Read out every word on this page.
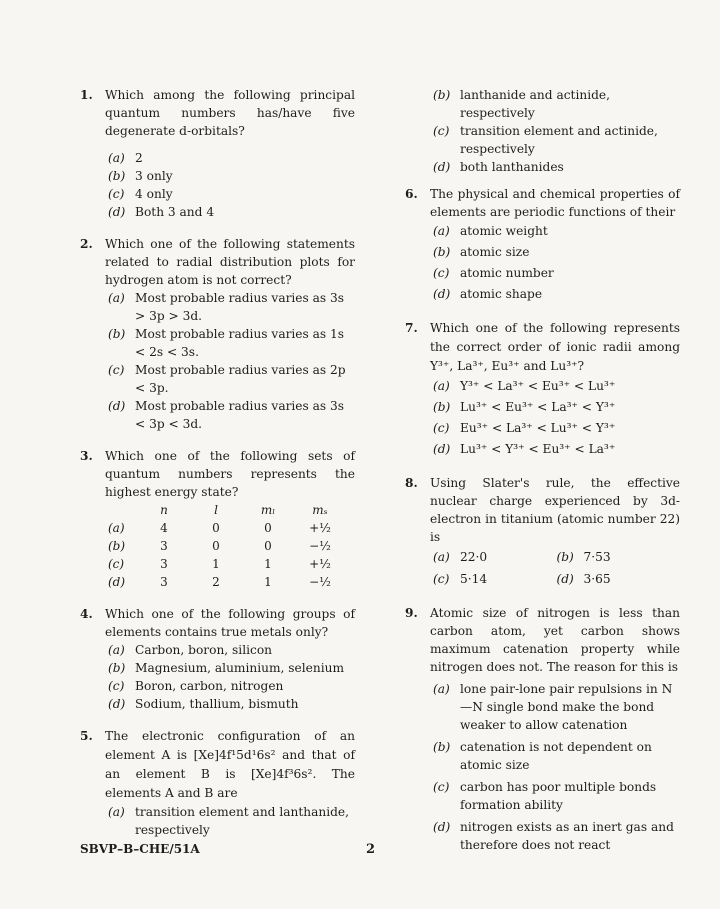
1. Which among the following principal quantum numbers has/have five degenerate d-orbitals?
(a) 2
(b) 3 only
(c) 4 only
(d) Both 3 and 4
2. Which one of the following statements related to radial distribution plots for hydrogen atom is not correct?
(a) Most probable radius varies as 3s > 3p > 3d.
(b) Most probable radius varies as 1s < 2s < 3s.
(c) Most probable radius varies as 2p < 3p.
(d) Most probable radius varies as 3s < 3p < 3d.
3. Which one of the following sets of quantum numbers represents the highest energy state?
	n	l	mₗ	mₛ
(a)	4	0	0	+½
(b)	3	0	0	−½
(c)	3	1	1	+½
(d)	3	2	1	−½
4. Which one of the following groups of elements contains true metals only?
(a) Carbon, boron, silicon
(b) Magnesium, aluminium, selenium
(c) Boron, carbon, nitrogen
(d) Sodium, thallium, bismuth
5. The electronic configuration of an element A is [Xe]4f¹5d¹6s² and that of an element B is [Xe]4f³6s². The elements A and B are
(a) transition element and lanthanide, respectively
(b) lanthanide and actinide, respectively
(c) transition element and actinide, respectively
(d) both lanthanides
6. The physical and chemical properties of elements are periodic functions of their
(a) atomic weight
(b) atomic size
(c) atomic number
(d) atomic shape
7. Which one of the following represents the correct order of ionic radii among Y³⁺, La³⁺, Eu³⁺ and Lu³⁺?
(a) Y³⁺ < La³⁺ < Eu³⁺ < Lu³⁺
(b) Lu³⁺ < Eu³⁺ < La³⁺ < Y³⁺
(c) Eu³⁺ < La³⁺ < Lu³⁺ < Y³⁺
(d) Lu³⁺ < Y³⁺ < Eu³⁺ < La³⁺
8. Using Slater's rule, the effective nuclear charge experienced by 3d-electron in titanium (atomic number 22) is
(a) 22·0	(b) 7·53
(c) 5·14	(d) 3·65
9. Atomic size of nitrogen is less than carbon atom, yet carbon shows maximum catenation property while nitrogen does not. The reason for this is
(a) lone pair-lone pair repulsions in N—N single bond make the bond weaker to allow catenation
(b) catenation is not dependent on atomic size
(c) carbon has poor multiple bonds formation ability
(d) nitrogen exists as an inert gas and therefore does not react
SBVP–B–CHE/51A	2
